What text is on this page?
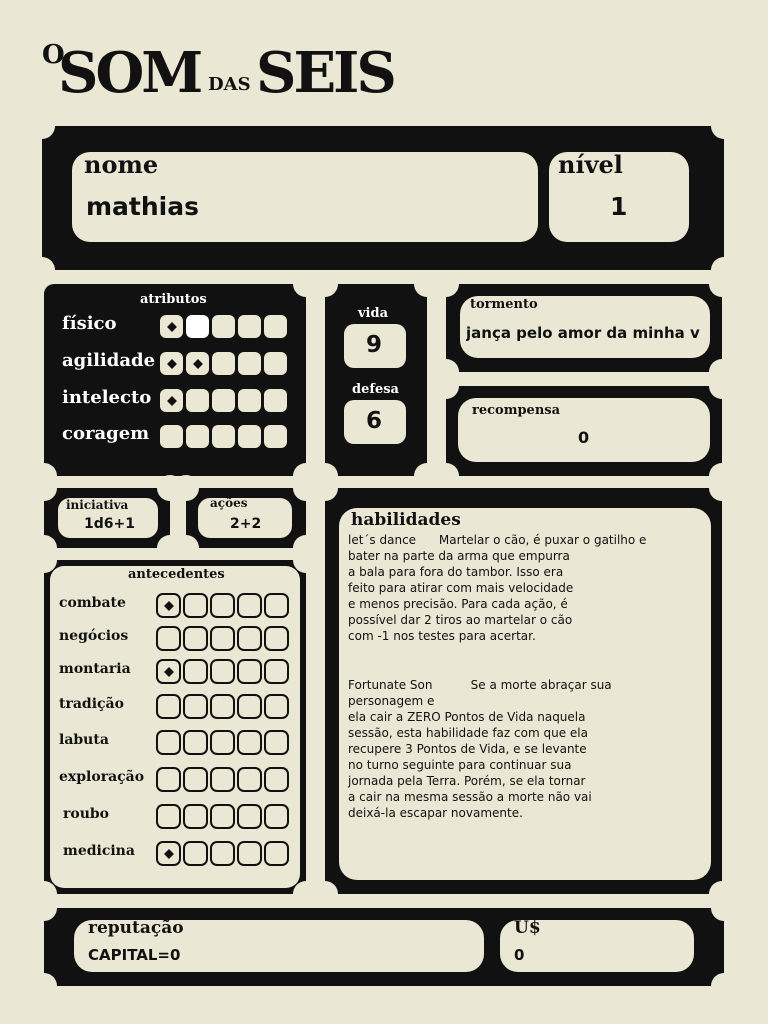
O
SOM DAS SEIS
nome
mathias
nível
1
atributos
físico
agilidade
intelecto
coragem
vida
9
defesa
6
tormento
jança pelo amor da minha v
recompensa
0
iniciativa
1d6+1
ações
2+2
antecedentes
combate
negócios
montaria
tradição
labuta
exploração
roubo
medicina
habilidades
let´s dance      Martelar o cão, é puxar o gatilho e
bater na parte da arma que empurra
a bala para fora do tambor. Isso era
feito para atirar com mais velocidade
e menos precisão. Para cada ação, é
possível dar 2 tiros ao martelar o cão
com -1 nos testes para acertar.
Fortunate Son          Se a morte abraçar sua
personagem e
ela cair a ZERO Pontos de Vida naquela
sessão, esta habilidade faz com que ela
recupere 3 Pontos de Vida, e se levante
no turno seguinte para continuar sua
jornada pela Terra. Porém, se ela tornar
a cair na mesma sessão a morte não vai
deixá-la escapar novamente.
reputação
CAPITAL=0
U$
0
